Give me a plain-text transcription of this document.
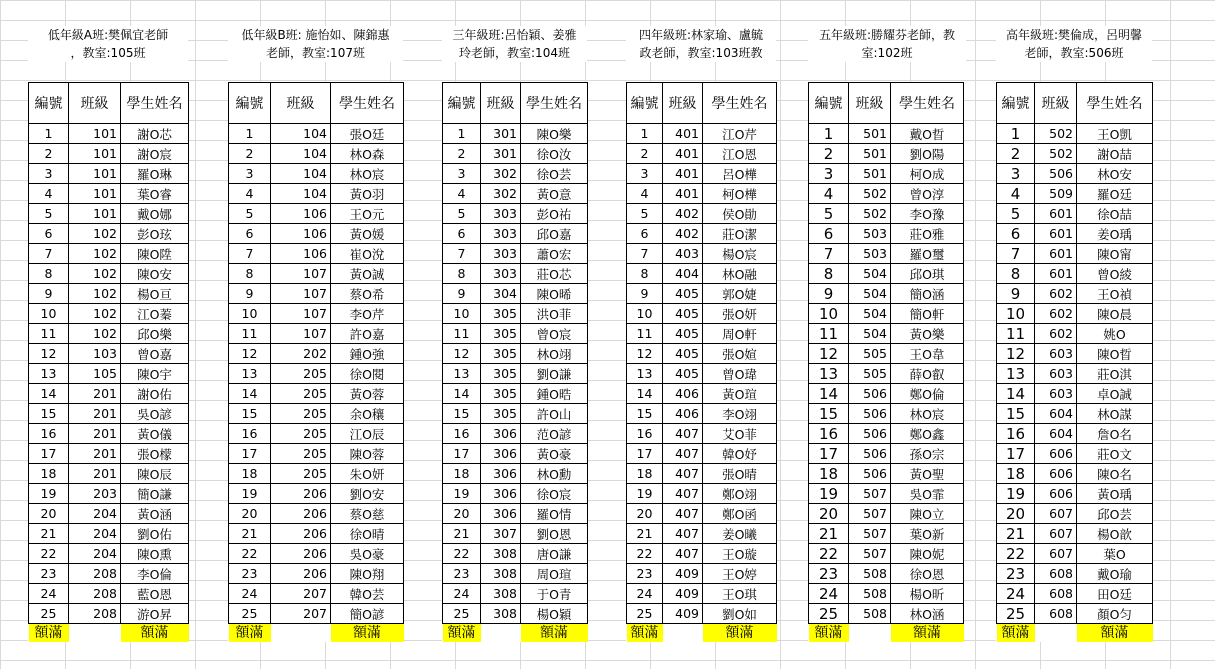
低年級A班:樊佩宜老師
，教室:105班
低年級B班: 施怡如、陳錦惠
老師，教室:107班
三年級班:呂怡穎、姜雅
玲老師，教室:104班
四年級班:林家瑜、盧毓
政老師，教室:103班教
五年級班:勝耀芬老師，教
室:102班
高年級班:樊倫成，呂明馨
老師，教室:506班
編號	班級	學生姓名
1	101	謝O芯
2	101	謝O宸
3	101	羅O琳
4	101	葉O睿
5	101	戴O娜
6	102	彭O玹
7	102	陳O陞
8	102	陳O安
9	102	楊O亘
10	102	江O蓁
11	102	邱O樂
12	103	曾O嘉
13	105	陳O宇
14	201	謝O佑
15	201	吳O諺
16	201	黃O儀
17	201	張O檬
18	201	陳O辰
19	203	簡O謙
20	204	黃O涵
21	204	劉O佑
22	204	陳O熏
23	208	李O倫
24	208	藍O恩
25	208	游O昇
額滿		額滿
編號	班級	學生姓名
1	104	張O廷
2	104	林O森
3	104	林O宸
4	104	黃O羽
5	106	王O元
6	106	黃O媛
7	106	崔O涗
8	107	黃O誠
9	107	蔡O希
10	107	李O芹
11	107	許O嘉
12	202	鍾O強
13	205	徐O閱
14	205	黃O蓉
15	205	余O穰
16	205	江O辰
17	205	陳O蓉
18	205	朱O妍
19	206	劉O安
20	206	蔡O慈
21	206	徐O晴
22	206	吳O豪
23	206	陳O翔
24	207	韓O芸
25	207	簡O諺
額滿		額滿
編號	班級	學生姓名
1	301	陳O樂
2	301	徐O汝
3	302	徐O芸
4	302	黃O意
5	303	彭O祐
6	303	邱O嘉
7	303	蕭O宏
8	303	莊O芯
9	304	陳O晞
10	305	洪O菲
11	305	曾O宸
12	305	林O翊
13	305	劉O謙
14	305	鍾O晧
15	305	許O山
16	306	范O諺
17	306	黃O豪
18	306	林O勳
19	306	徐O宸
20	306	羅O情
21	307	劉O恩
22	308	唐O謙
23	308	周O瑄
24	308	于O青
25	308	楊O穎
額滿		額滿
編號	班級	學生姓名
1	401	江O芹
2	401	江O恩
3	401	呂O樺
4	401	柯O樺
5	402	侯O勛
6	402	莊O潔
7	403	楊O宸
8	404	林O融
9	405	郭O婕
10	405	張O妍
11	405	周O軒
12	405	張O媗
13	405	曾O瑋
14	406	黃O瑄
15	406	李O翊
16	407	艾O菲
17	407	韓O妤
18	407	張O晴
19	407	鄭O翊
20	407	鄭O函
21	407	姜O曦
22	407	王O璇
23	409	王O婷
24	409	王O琪
25	409	劉O如
額滿		額滿
編號	班級	學生姓名
1	501	戴O晢
2	501	劉O陽
3	501	柯O成
4	502	曾O淳
5	502	李O豫
6	503	莊O雅
7	503	羅O璽
8	504	邱O琪
9	504	簡O涵
10	504	簡O軒
11	504	黃O樂
12	505	王O韋
13	505	薛O叡
14	506	鄭O倫
15	506	林O宸
16	506	鄭O鑫
17	506	孫O宗
18	506	黃O聖
19	507	吳O霏
20	507	陳O立
21	507	葉O新
22	507	陳O妮
23	508	徐O恩
24	508	楊O昕
25	508	林O涵
額滿		額滿
編號	班級	學生姓名
1	502	王O凱
2	502	謝O喆
3	506	林O安
4	509	羅O廷
5	601	徐O喆
6	601	姜O瑀
7	601	陳O甯
8	601	曾O綾
9	602	王O禎
10	602	陳O晨
11	602	姚O
12	603	陳O晢
13	603	莊O淇
14	603	卓O誠
15	604	林O謀
16	604	詹O名
17	606	莊O文
18	606	陳O名
19	606	黃O瑀
20	607	邱O芸
21	607	楊O歆
22	607	葉O
23	608	戴O瑜
24	608	田O廷
25	608	顏O匀
額滿		額滿
